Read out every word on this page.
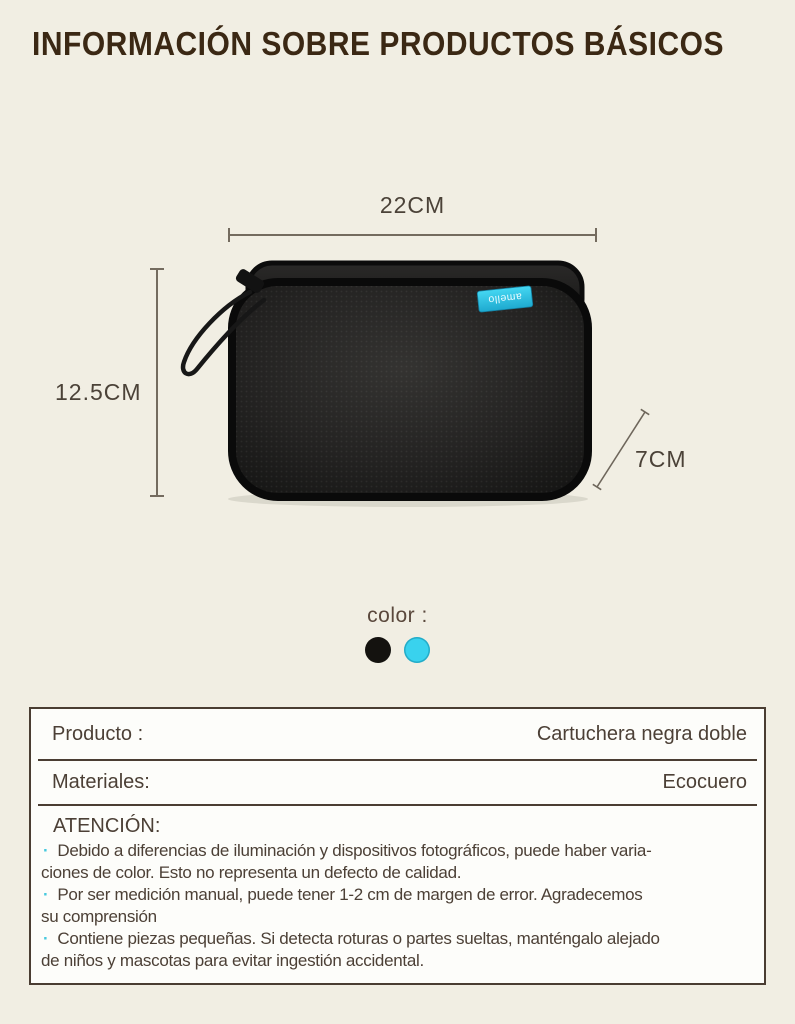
INFORMACIÓN SOBRE PRODUCTOS BÁSICOS
22CM
12.5CM
7CM
amello
color :
Producto :	Cartuchera negra doble
Materiales:	Ecocuero
ATENCIÓN:
· Debido a diferencias de iluminación y dispositivos fotográficos, puede haber varia-
ciones de color. Esto no representa un defecto de calidad.
· Por ser medición manual, puede tener 1-2 cm de margen de error. Agradecemos
su comprensión
· Contiene piezas pequeñas. Si detecta roturas o partes sueltas, manténgalo alejado
de niños y mascotas para evitar ingestión accidental.
